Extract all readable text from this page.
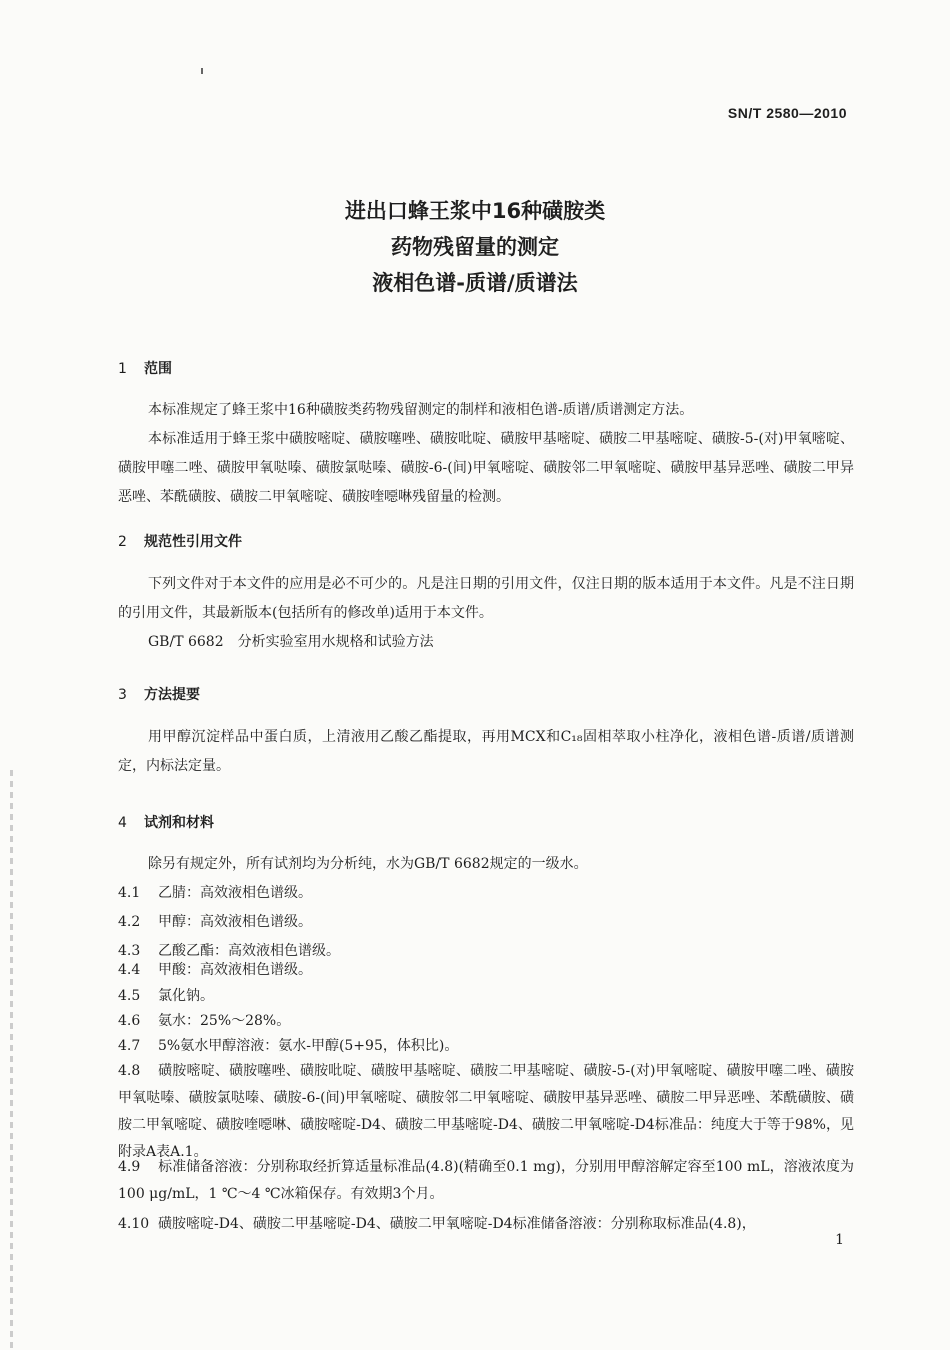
SN/T 2580—2010
进出口蜂王浆中16种磺胺类
药物残留量的测定
液相色谱-质谱/质谱法
1 范围
本标准规定了蜂王浆中16种磺胺类药物残留测定的制样和液相色谱-质谱/质谱测定方法。
本标准适用于蜂王浆中磺胺嘧啶、磺胺噻唑、磺胺吡啶、磺胺甲基嘧啶、磺胺二甲基嘧啶、磺胺-5-(对)甲氧嘧啶、磺胺甲噻二唑、磺胺甲氧哒嗪、磺胺氯哒嗪、磺胺-6-(间)甲氧嘧啶、磺胺邻二甲氧嘧啶、磺胺甲基异恶唑、磺胺二甲异恶唑、苯酰磺胺、磺胺二甲氧嘧啶、磺胺喹噁啉残留量的检测。
2 规范性引用文件
下列文件对于本文件的应用是必不可少的。凡是注日期的引用文件，仅注日期的版本适用于本文件。凡是不注日期的引用文件，其最新版本(包括所有的修改单)适用于本文件。
GB/T 6682　分析实验室用水规格和试验方法
3 方法提要
用甲醇沉淀样品中蛋白质，上清液用乙酸乙酯提取，再用MCX和C₁₈固相萃取小柱净化，液相色谱-质谱/质谱测定，内标法定量。
4 试剂和材料
除另有规定外，所有试剂均为分析纯，水为GB/T 6682规定的一级水。
4.1 乙腈：高效液相色谱级。
4.2 甲醇：高效液相色谱级。
4.3 乙酸乙酯：高效液相色谱级。
4.4 甲酸：高效液相色谱级。
4.5 氯化钠。
4.6 氨水：25%～28%。
4.7 5%氨水甲醇溶液：氨水-甲醇(5+95，体积比)。
4.8 磺胺嘧啶、磺胺噻唑、磺胺吡啶、磺胺甲基嘧啶、磺胺二甲基嘧啶、磺胺-5-(对)甲氧嘧啶、磺胺甲噻二唑、磺胺甲氧哒嗪、磺胺氯哒嗪、磺胺-6-(间)甲氧嘧啶、磺胺邻二甲氧嘧啶、磺胺甲基异恶唑、磺胺二甲异恶唑、苯酰磺胺、磺胺二甲氧嘧啶、磺胺喹噁啉、磺胺嘧啶-D4、磺胺二甲基嘧啶-D4、磺胺二甲氧嘧啶-D4标准品：纯度大于等于98%，见附录A表A.1。
4.9 标准储备溶液：分别称取经折算适量标准品(4.8)(精确至0.1 mg)，分别用甲醇溶解定容至100 mL，溶液浓度为100 μg/mL，1 ℃～4 ℃冰箱保存。有效期3个月。
4.10 磺胺嘧啶-D4、磺胺二甲基嘧啶-D4、磺胺二甲氧嘧啶-D4标准储备溶液：分别称取标准品(4.8)，
1
